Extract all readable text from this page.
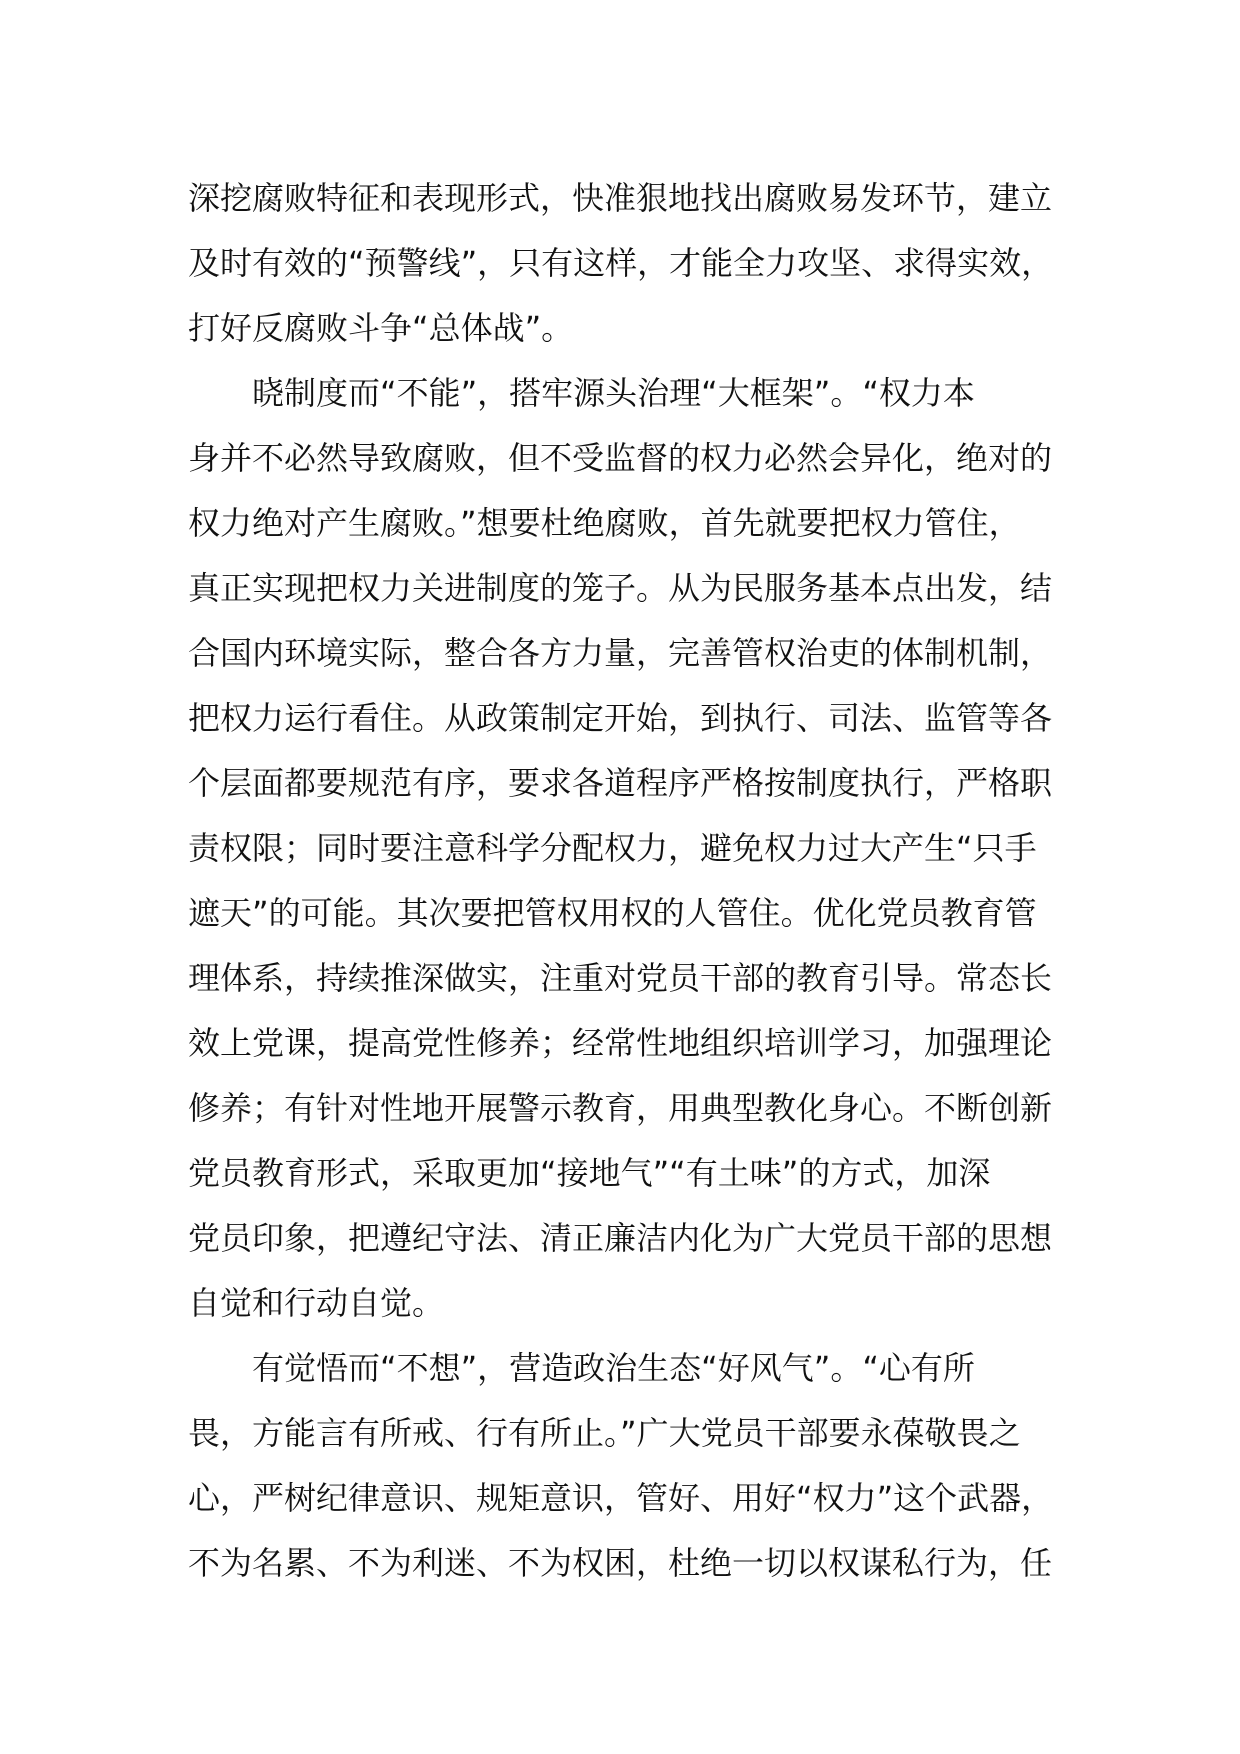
深挖腐败特征和表现形式，快准狠地找出腐败易发环节，建立
及时有效的“预警线”，只有这样，才能全力攻坚、求得实效，
打好反腐败斗争“总体战”。
晓制度而“不能”，搭牢源头治理“大框架”。“权力本
身并不必然导致腐败，但不受监督的权力必然会异化，绝对的
权力绝对产生腐败。”想要杜绝腐败，首先就要把权力管住，
真正实现把权力关进制度的笼子。从为民服务基本点出发，结
合国内环境实际，整合各方力量，完善管权治吏的体制机制，
把权力运行看住。从政策制定开始，到执行、司法、监管等各
个层面都要规范有序，要求各道程序严格按制度执行，严格职
责权限；同时要注意科学分配权力，避免权力过大产生“只手
遮天”的可能。其次要把管权用权的人管住。优化党员教育管
理体系，持续推深做实，注重对党员干部的教育引导。常态长
效上党课，提高党性修养；经常性地组织培训学习，加强理论
修养；有针对性地开展警示教育，用典型教化身心。不断创新
党员教育形式，采取更加“接地气”“有土味”的方式，加深
党员印象，把遵纪守法、清正廉洁内化为广大党员干部的思想
自觉和行动自觉。
有觉悟而“不想”，营造政治生态“好风气”。“心有所
畏，方能言有所戒、行有所止。”广大党员干部要永葆敬畏之
心，严树纪律意识、规矩意识，管好、用好“权力”这个武器，
不为名累、不为利迷、不为权困，杜绝一切以权谋私行为，任
